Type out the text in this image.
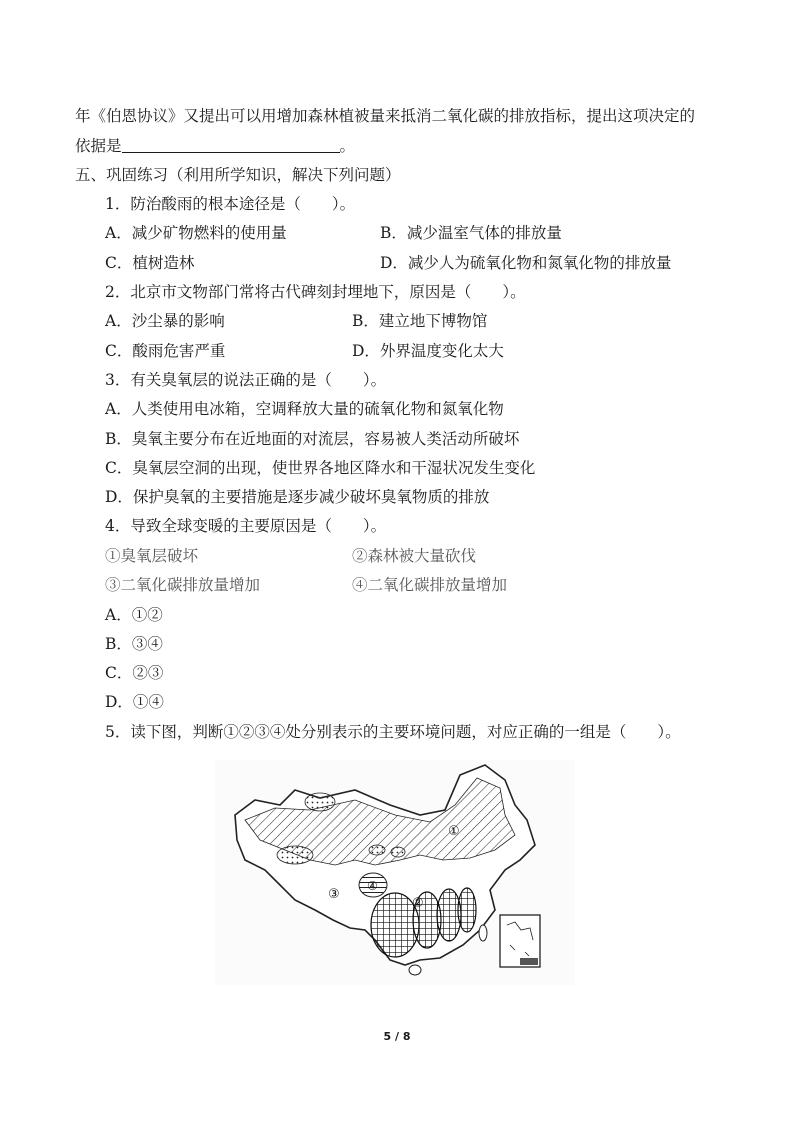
年《伯恩协议》又提出可以用增加森林植被量来抵消二氧化碳的排放指标，提出这项决定的
依据是	。
五、巩固练习（利用所学知识，解决下列问题）
1．防治酸雨的根本途径是（　　）。
A．减少矿物燃料的使用量	B．减少温室气体的排放量
C．植树造林	D．减少人为硫氧化物和氮氧化物的排放量
2．北京市文物部门常将古代碑刻封埋地下，原因是（　　）。
A．沙尘暴的影响	B．建立地下博物馆
C．酸雨危害严重	D．外界温度变化太大
3．有关臭氧层的说法正确的是（　　）。
A．人类使用电冰箱，空调释放大量的硫氧化物和氮氧化物
B．臭氧主要分布在近地面的对流层，容易被人类活动所破坏
C．臭氧层空洞的出现，使世界各地区降水和干湿状况发生变化
D．保护臭氧的主要措施是逐步减少破坏臭氧物质的排放
4．导致全球变暖的主要原因是（　　）。
①臭氧层破坏	②森林被大量砍伐
③二氧化碳排放量增加	④二氧化碳排放量增加
A．①②
B．③④
C．②③
D．①④
5．读下图，判断①②③④处分别表示的主要环境问题，对应正确的一组是（　　）。
①
②
③
④
5 / 8
